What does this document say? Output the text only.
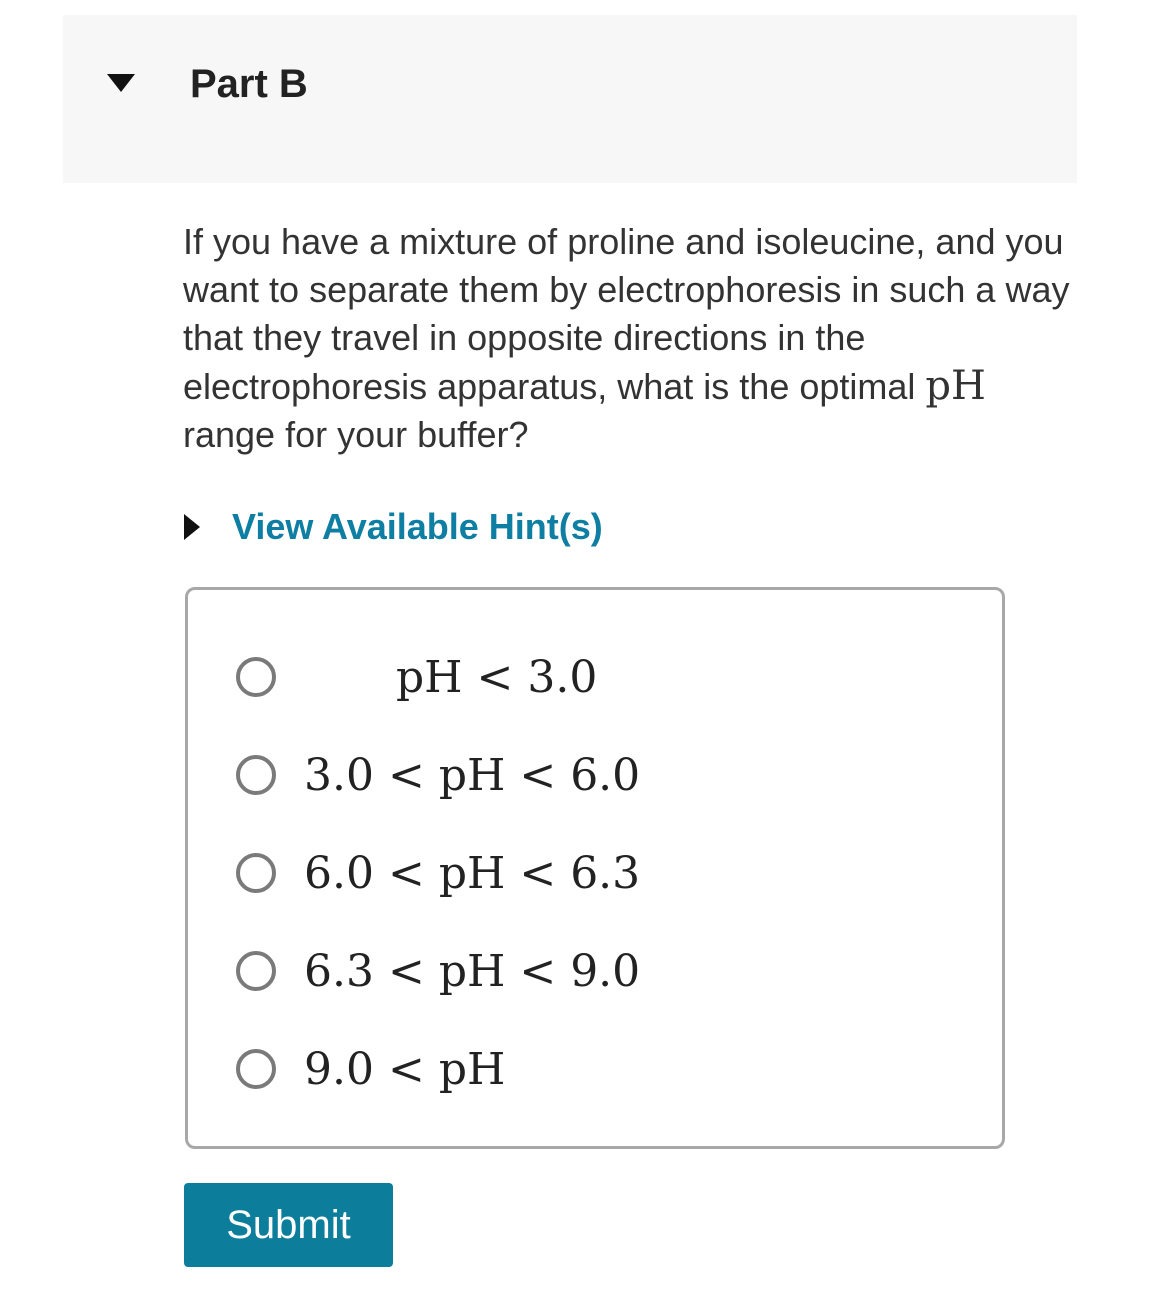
Part B

If you have a mixture of proline and isoleucine, and you want to separate them by electrophoresis in such a way that they travel in opposite directions in the electrophoresis apparatus, what is the optimal pH range for your buffer?

View Available Hint(s)
pH < 3.0
3.0 < pH < 6.0
6.0 < pH < 6.3
6.3 < pH < 9.0
9.0 < pH
Submit
